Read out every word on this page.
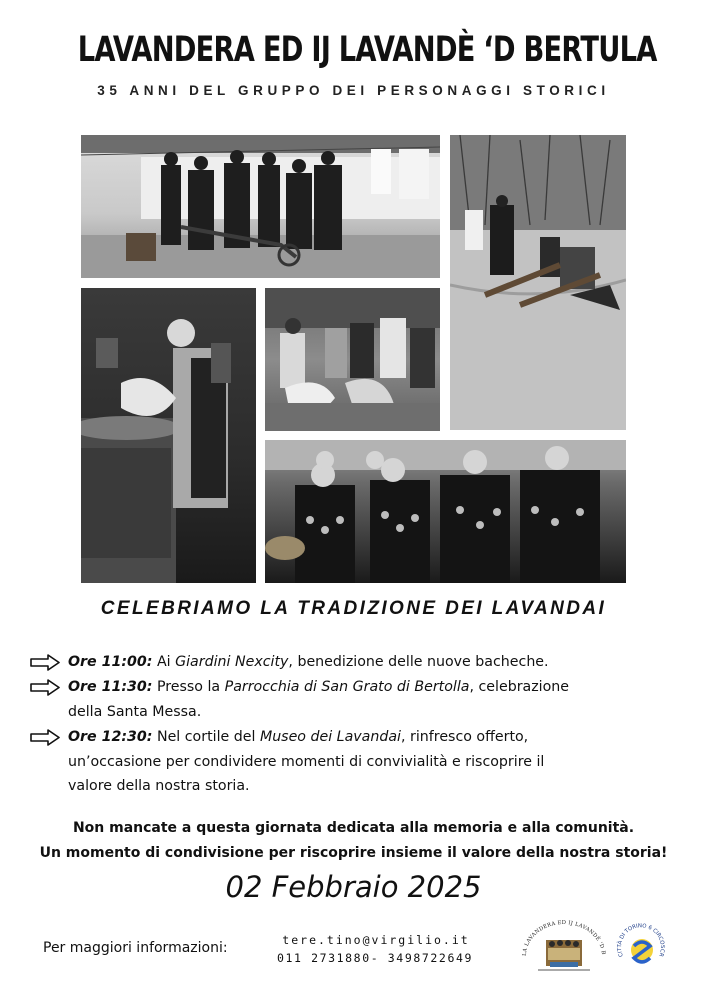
LAVANDERA ED IJ LAVANDÈ ‘D BERTULA
35 ANNI DEL GRUPPO DEI PERSONAGGI STORICI
CELEBRIAMO LA TRADIZIONE DEI LAVANDAI
Ore 11:00: Ai Giardini Nexcity, benedizione delle nuove bacheche.
Ore 11:30: Presso la Parrocchia di San Grato di Bertolla, celebrazione della Santa Messa.
Ore 12:30: Nel cortile del Museo dei Lavandai, rinfresco offerto, un’occasione per condividere momenti di convivialità e riscoprire il valore della nostra storia.
Non mancate a questa giornata dedicata alla memoria e alla comunità.
Un momento di condivisione per riscoprire insieme il valore della nostra storia!
02 Febbraio 2025
Per maggiori informazioni:	tere.tino@virgilio.it
011 2731880- 3498722649	LA LAVANDERA ED IJ LAVANDÈ 'D B	CITTÀ DI TORINO 6 CIRCOSCR
